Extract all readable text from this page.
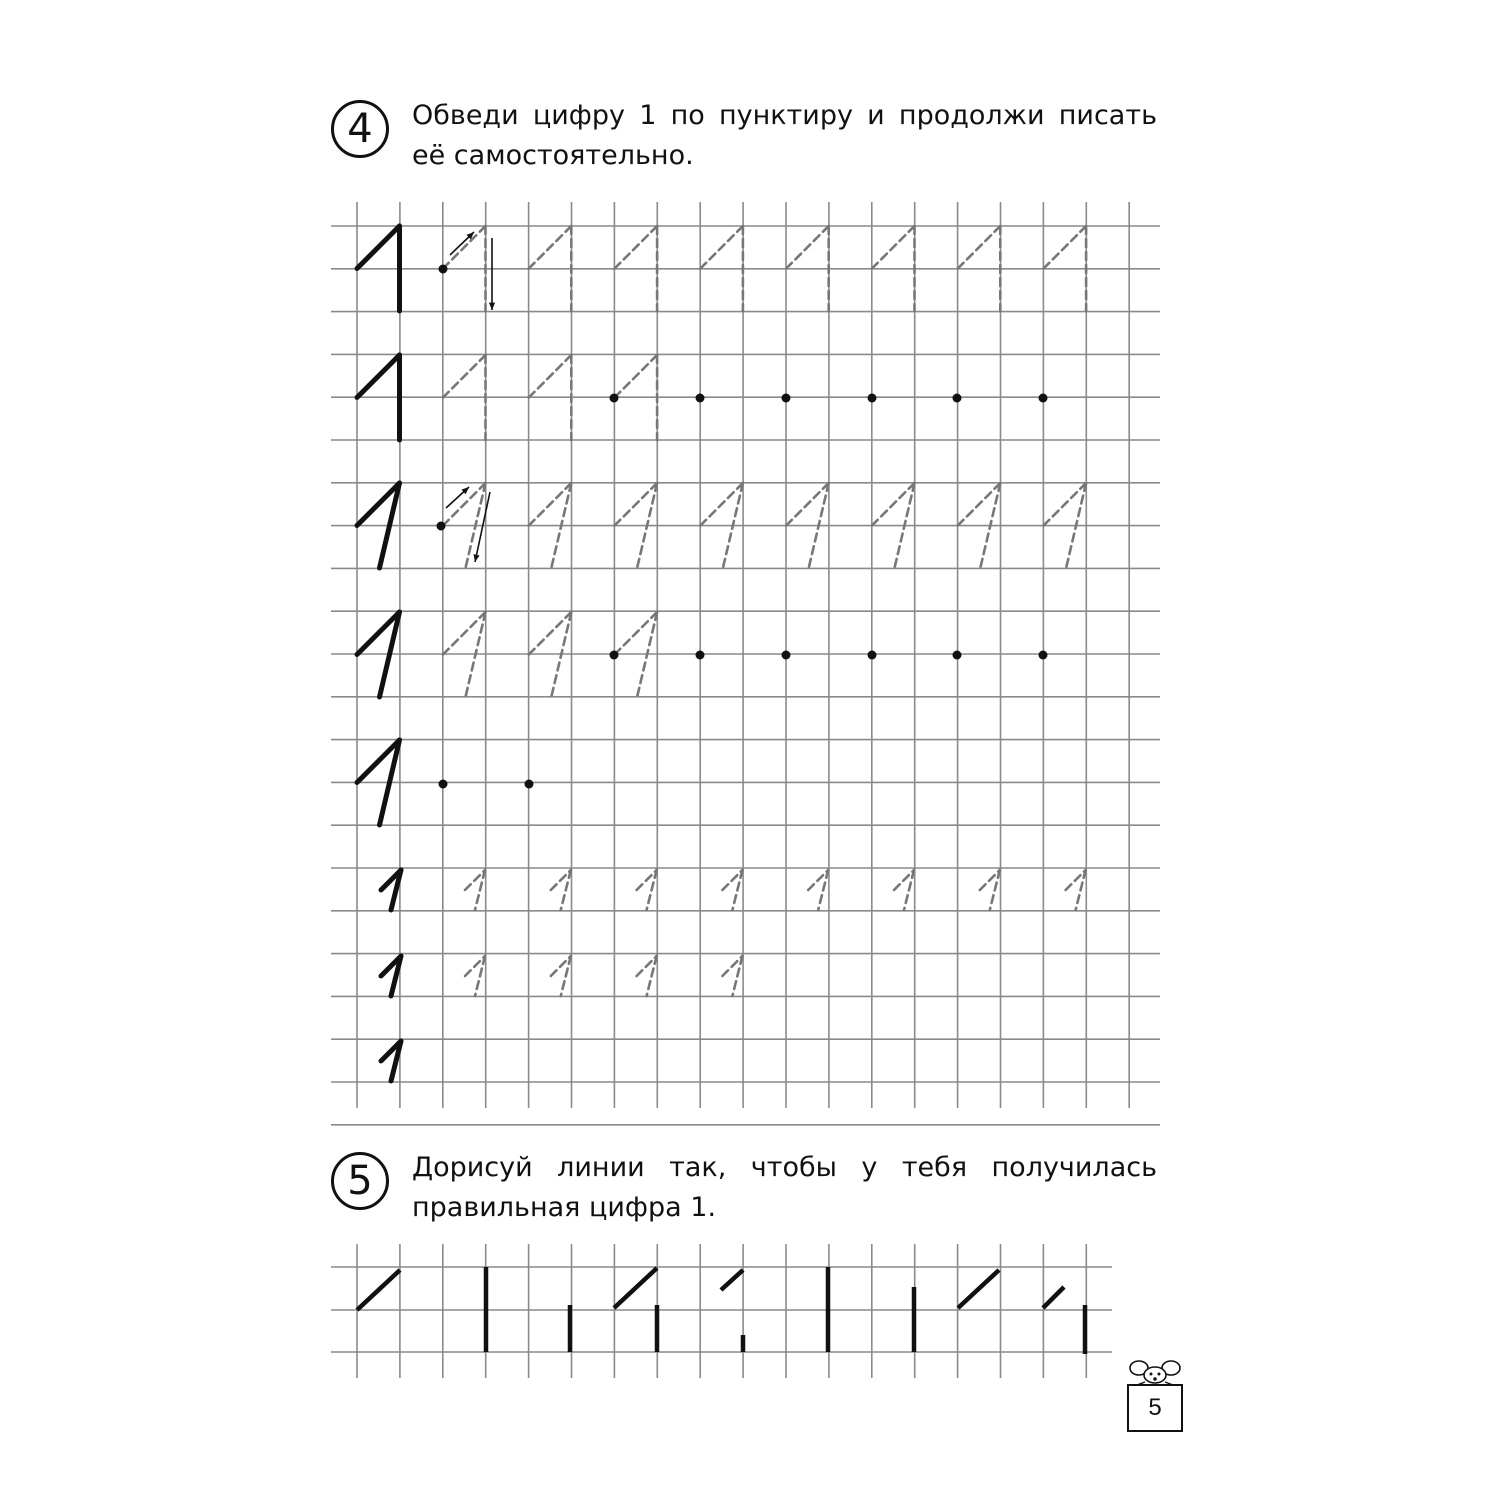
4	Обведи цифру 1 по пунктиру и продолжи писать её самостоятельно.
5	Дорисуй линии так, чтобы у тебя получилась правильная цифра 1.
5
